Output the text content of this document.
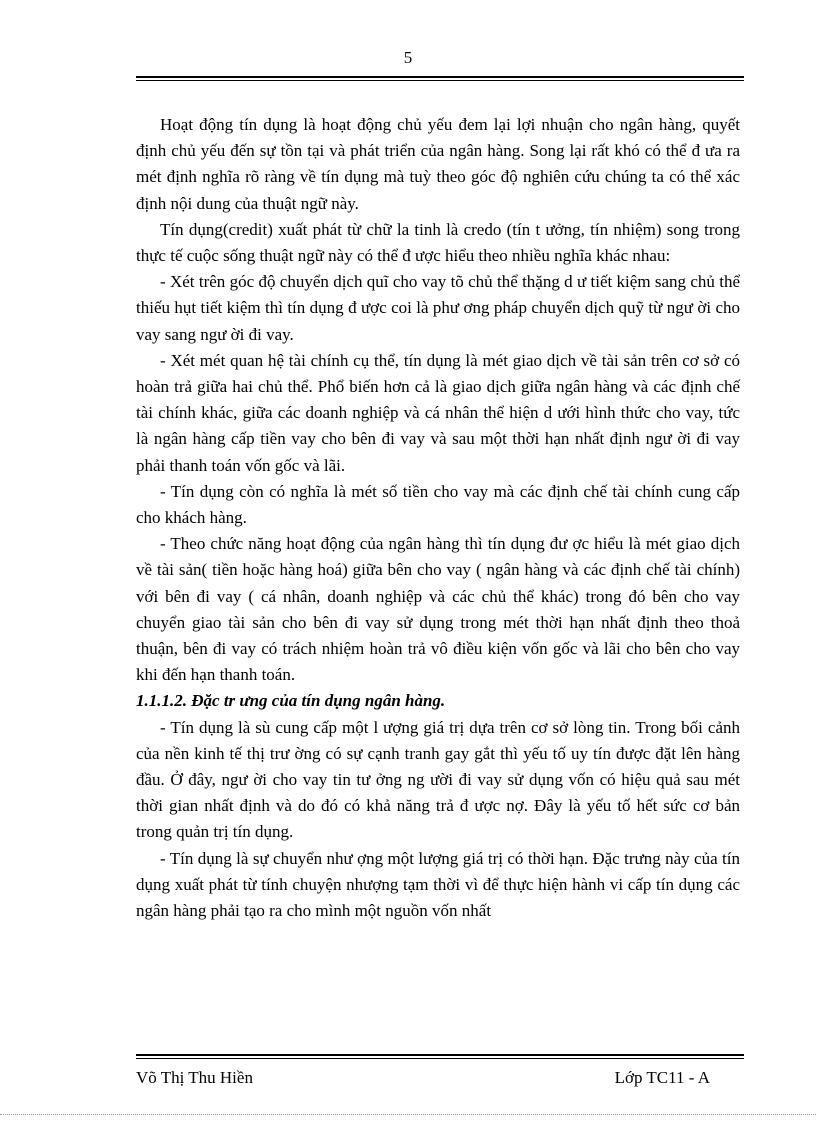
5

Hoạt động tín dụng là hoạt động chủ yếu đem lại lợi nhuận cho ngân hàng, quyết định chủ yếu đến sự tồn tại và phát triển của ngân hàng. Song lại rất khó có thể đ ưa ra mét định nghĩa rõ ràng về tín dụng mà tuỳ theo góc độ nghiên cứu chúng ta có thể xác định nội dung của thuật ngữ này.

Tín dụng(credit) xuất phát từ chữ la tinh là credo (tín t ưởng, tín nhiệm) song trong thực tế cuộc sống thuật ngữ này có thể đ ược hiểu theo nhiều nghĩa khác nhau:

- Xét trên góc độ chuyển dịch quĩ cho vay tõ chủ thể thặng d ư tiết kiệm sang chủ thể thiếu hụt tiết kiệm thì tín dụng đ ược coi là phư ơng pháp chuyển dịch quỹ từ ngư ời cho vay sang ngư ời đi vay.

- Xét mét quan hệ tài chính cụ thể, tín dụng là mét giao dịch về tài sản trên cơ sở có hoàn trả giữa hai chủ thể. Phổ biến hơn cả là giao dịch giữa ngân hàng và các định chế tài chính khác, giữa các doanh nghiệp và cá nhân thể hiện d ưới hình thức cho vay, tức là ngân hàng cấp tiền vay cho bên đi vay và sau một thời hạn nhất định ngư ời đi vay phải thanh toán vốn gốc và lãi.

- Tín dụng còn có nghĩa là mét số tiền cho vay mà các định chế tài chính cung cấp cho khách hàng.

- Theo chức năng hoạt động của ngân hàng thì tín dụng đư ợc hiểu là mét giao dịch về tài sản( tiền hoặc hàng hoá) giữa bên cho vay ( ngân hàng và các định chế tài chính) với bên đi vay ( cá nhân, doanh nghiệp và các chủ thể khác) trong đó bên cho vay chuyển giao tài sản cho bên đi vay sử dụng trong mét thời hạn nhất định theo thoả thuận, bên đi vay có trách nhiệm hoàn trả vô điều kiện vốn gốc và lãi cho bên cho vay khi đến hạn thanh toán.

1.1.1.2. Đặc tr ưng của tín dụng ngân hàng.

- Tín dụng là sù cung cấp một l ượng giá trị dựa trên cơ sở lòng tin. Trong bối cảnh của nền kinh tế thị trư ờng có sự cạnh tranh gay gắt thì yếu tố uy tín được đặt lên hàng đầu. Ở đây, ngư ời cho vay tin tư ởng ng ười đi vay sử dụng vốn có hiệu quả sau mét thời gian nhất định và do đó có khả năng trả đ ược nợ. Đây là yếu tố hết sức cơ bản trong quản trị tín dụng.

- Tín dụng là sự chuyển như ợng một lượng giá trị có thời hạn. Đặc trưng này của tín dụng xuất phát từ tính chuyện nhượng tạm thời vì để thực hiện hành vi cấp tín dụng các ngân hàng phải tạo ra cho mình một nguồn vốn nhất

Võ Thị Thu Hiền	Lớp TC11 - A
